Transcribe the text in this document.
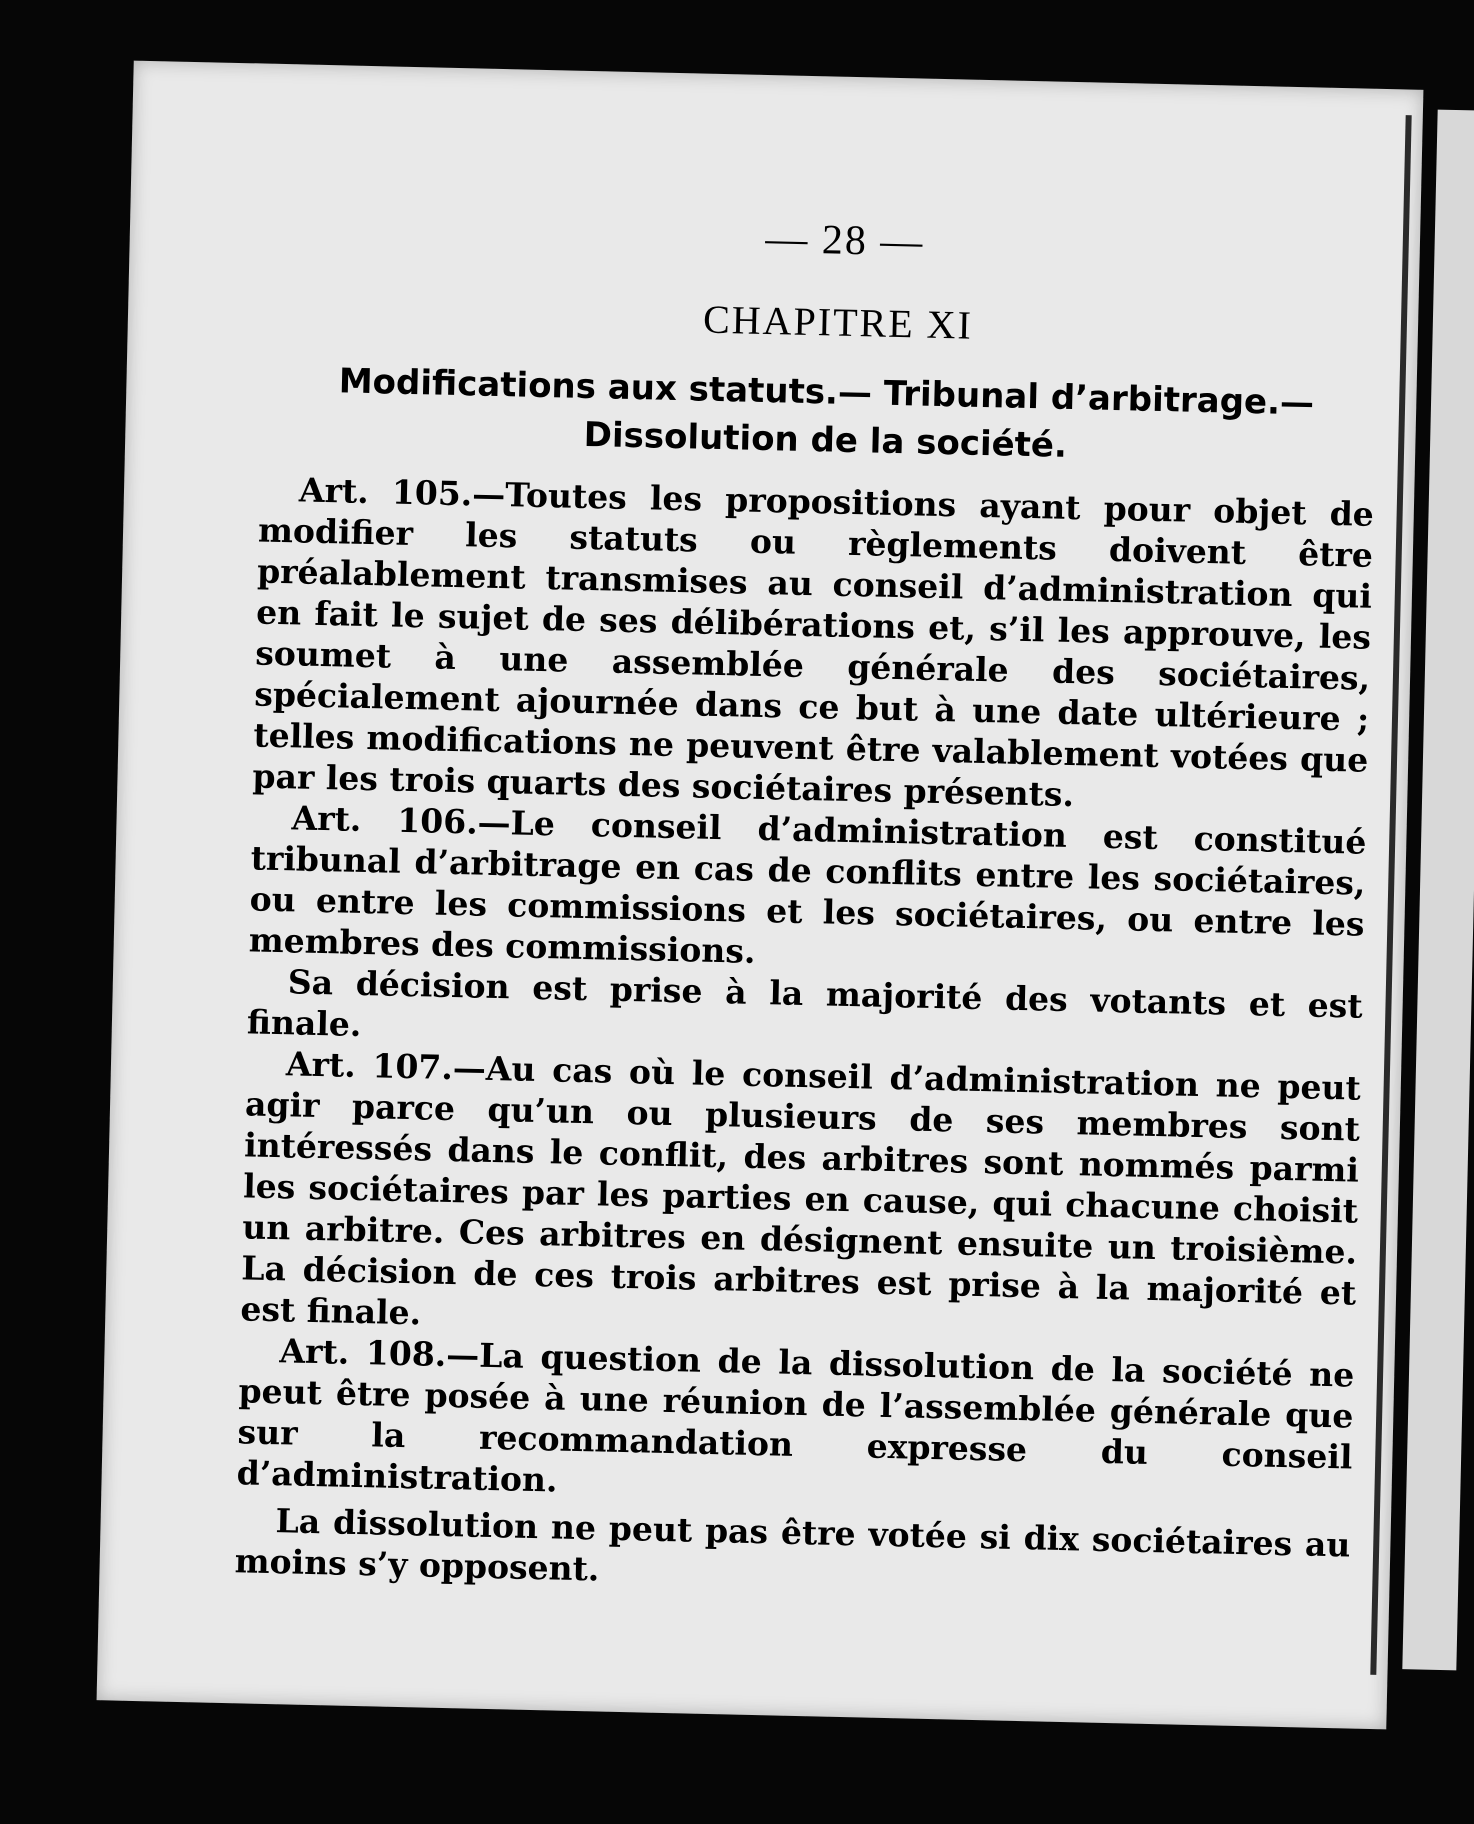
— 28 —
CHAPITRE XI
Modifications aux statuts.— Tribunal d’arbitrage.—
Dissolution de la société.

Art. 105.—Toutes les propositions ayant pour objet de modifier les statuts ou règlements doivent être préalablement transmises au conseil d’administration qui en fait le sujet de ses délibérations et, s’il les approuve, les soumet à une assemblée générale des sociétaires, spécialement ajournée dans ce but à une date ultérieure ; telles modifications ne peuvent être valablement votées que par les trois quarts des sociétaires présents.

Art. 106.—Le conseil d’administration est constitué tribunal d’arbitrage en cas de conflits entre les sociétaires, ou entre les commissions et les sociétaires, ou entre les membres des commissions.

Sa décision est prise à la majorité des votants et est finale.

Art. 107.—Au cas où le conseil d’administration ne peut agir parce qu’un ou plusieurs de ses membres sont intéressés dans le conflit, des arbitres sont nommés parmi les sociétaires par les parties en cause, qui chacune choisit un arbitre. Ces arbitres en désignent ensuite un troisième. La décision de ces trois arbitres est prise à la majorité et est finale.

Art. 108.—La question de la dissolution de la société ne peut être posée à une réunion de l’assemblée générale que sur la recommandation expresse du conseil d’administration.

La dissolution ne peut pas être votée si dix sociétaires au moins s’y opposent.
